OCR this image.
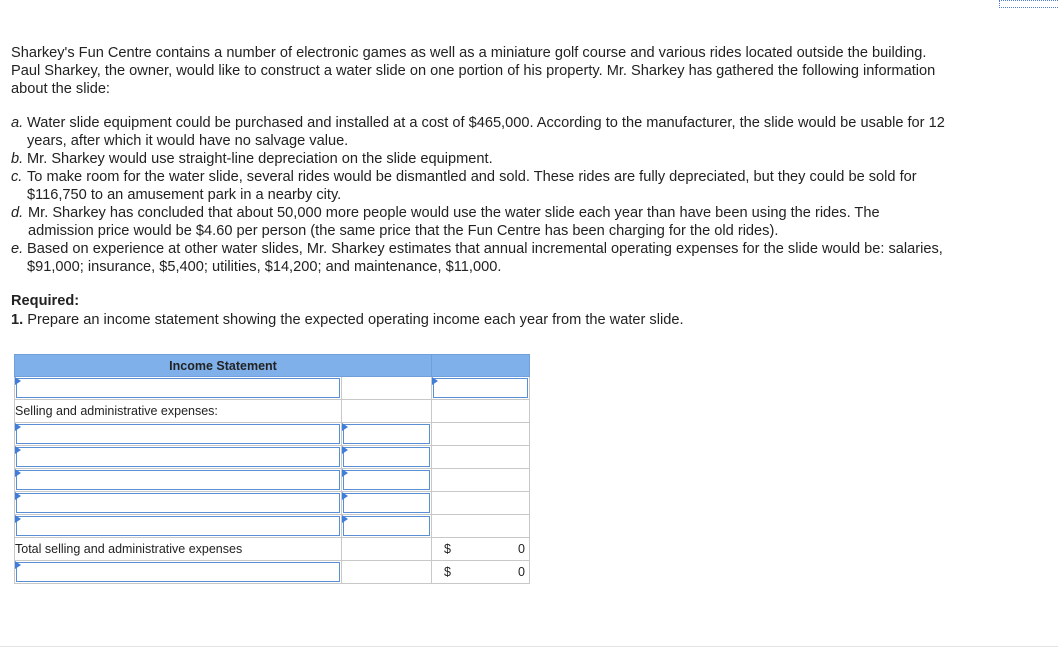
Sharkey's Fun Centre contains a number of electronic games as well as a miniature golf course and various rides located outside the building. Paul Sharkey, the owner, would like to construct a water slide on one portion of his property. Mr. Sharkey has gathered the following information about the slide:

a. Water slide equipment could be purchased and installed at a cost of $465,000. According to the manufacturer, the slide would be usable for 12 years, after which it would have no salvage value.
b. Mr. Sharkey would use straight-line depreciation on the slide equipment.
c. To make room for the water slide, several rides would be dismantled and sold. These rides are fully depreciated, but they could be sold for $116,750 to an amusement park in a nearby city.
d. Mr. Sharkey has concluded that about 50,000 more people would use the water slide each year than have been using the rides. The admission price would be $4.60 per person (the same price that the Fun Centre has been charging for the old rides).
e. Based on experience at other water slides, Mr. Sharkey estimates that annual incremental operating expenses for the slide would be: salaries, $91,000; insurance, $5,400; utilities, $14,200; and maintenance, $11,000.
Required:
1. Prepare an income statement showing the expected operating income each year from the water slide.
Income Statement		

Selling and administrative expenses:		

Total selling and administrative expenses		$ 0

		$ 0
